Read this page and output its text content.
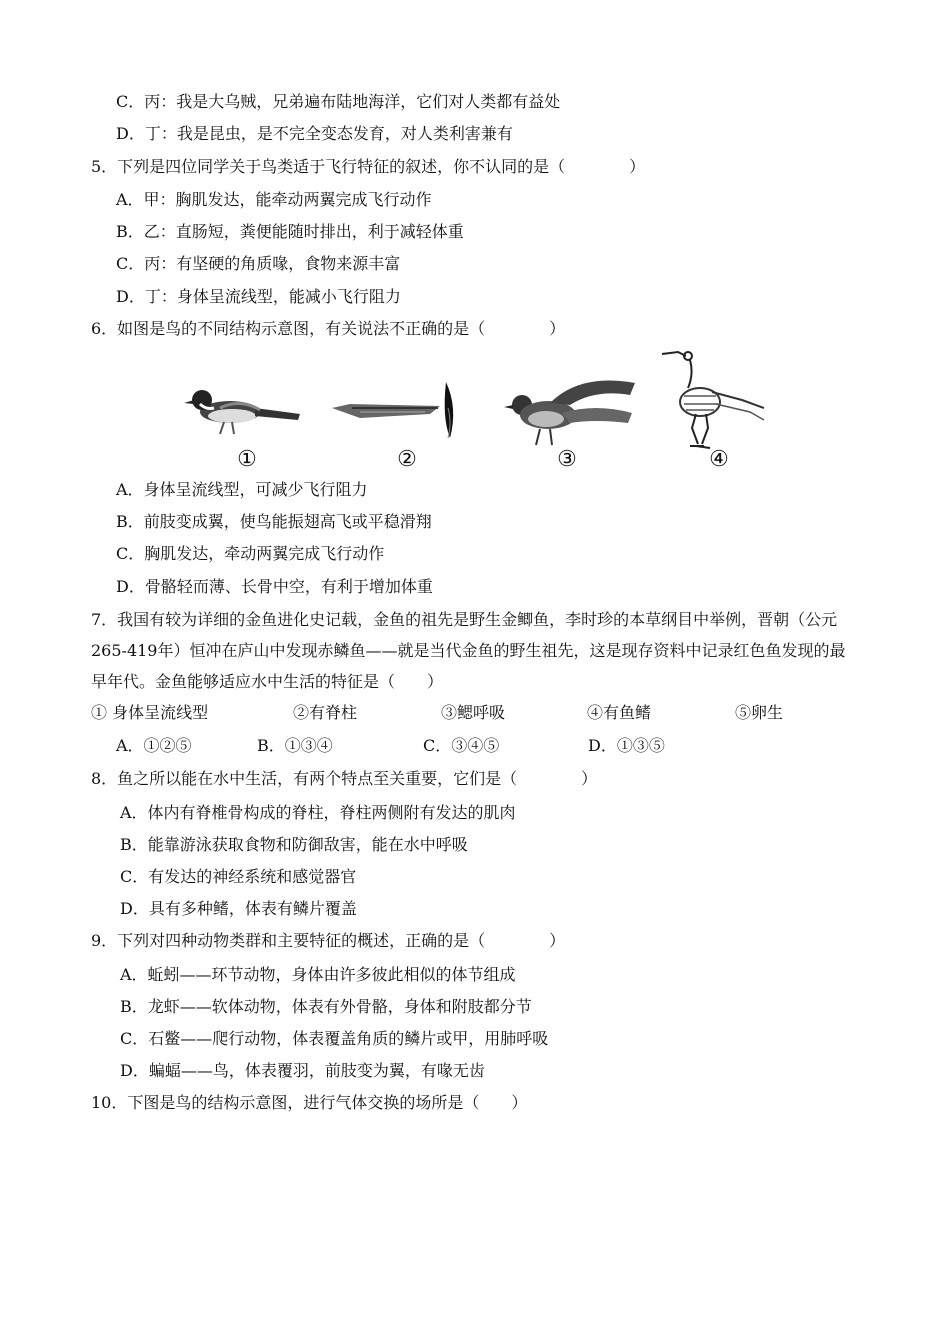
C．丙：我是大乌贼，兄弟遍布陆地海洋，它们对人类都有益处
D．丁：我是昆虫，是不完全变态发育，对人类利害兼有
5．下列是四位同学关于鸟类适于飞行特征的叙述，你不认同的是（　　　　）
A．甲：胸肌发达，能牵动两翼完成飞行动作
B．乙：直肠短，粪便能随时排出，利于减轻体重
C．丙：有坚硬的角质喙，食物来源丰富
D．丁：身体呈流线型，能减小飞行阻力
6．如图是鸟的不同结构示意图，有关说法不正确的是（　　　　）
①	②	③	④
A．身体呈流线型，可减少飞行阻力
B．前肢变成翼，使鸟能振翅高飞或平稳滑翔
C．胸肌发达，牵动两翼完成飞行动作
D．骨骼轻而薄、长骨中空，有利于增加体重
7．我国有较为详细的金鱼进化史记载，金鱼的祖先是野生金鲫鱼，李时珍的本草纲目中举例，晋朝（公元265-419年）恒冲在庐山中发现赤鳞鱼——就是当代金鱼的野生祖先，这是现存资料中记录红色鱼发现的最早年代。金鱼能够适应水中生活的特征是（　　）
① 身体呈流线型	②有脊柱	③鳃呼吸	④有鱼鳍	⑤卵生
A．①②⑤	B．①③④	C．③④⑤	D．①③⑤
8．鱼之所以能在水中生活，有两个特点至关重要，它们是（　　　　）
A．体内有脊椎骨构成的脊柱，脊柱两侧附有发达的肌肉
B．能靠游泳获取食物和防御敌害，能在水中呼吸
C．有发达的神经系统和感觉器官
D．具有多种鳍，体表有鳞片覆盖
9．下列对四种动物类群和主要特征的概述，正确的是（　　　　）
A．蚯蚓——环节动物，身体由许多彼此相似的体节组成
B．龙虾——软体动物，体表有外骨骼，身体和附肢都分节
C．石鳖——爬行动物，体表覆盖角质的鳞片或甲，用肺呼吸
D．蝙蝠——鸟，体表覆羽，前肢变为翼，有喙无齿
10．下图是鸟的结构示意图，进行气体交换的场所是（　　）
